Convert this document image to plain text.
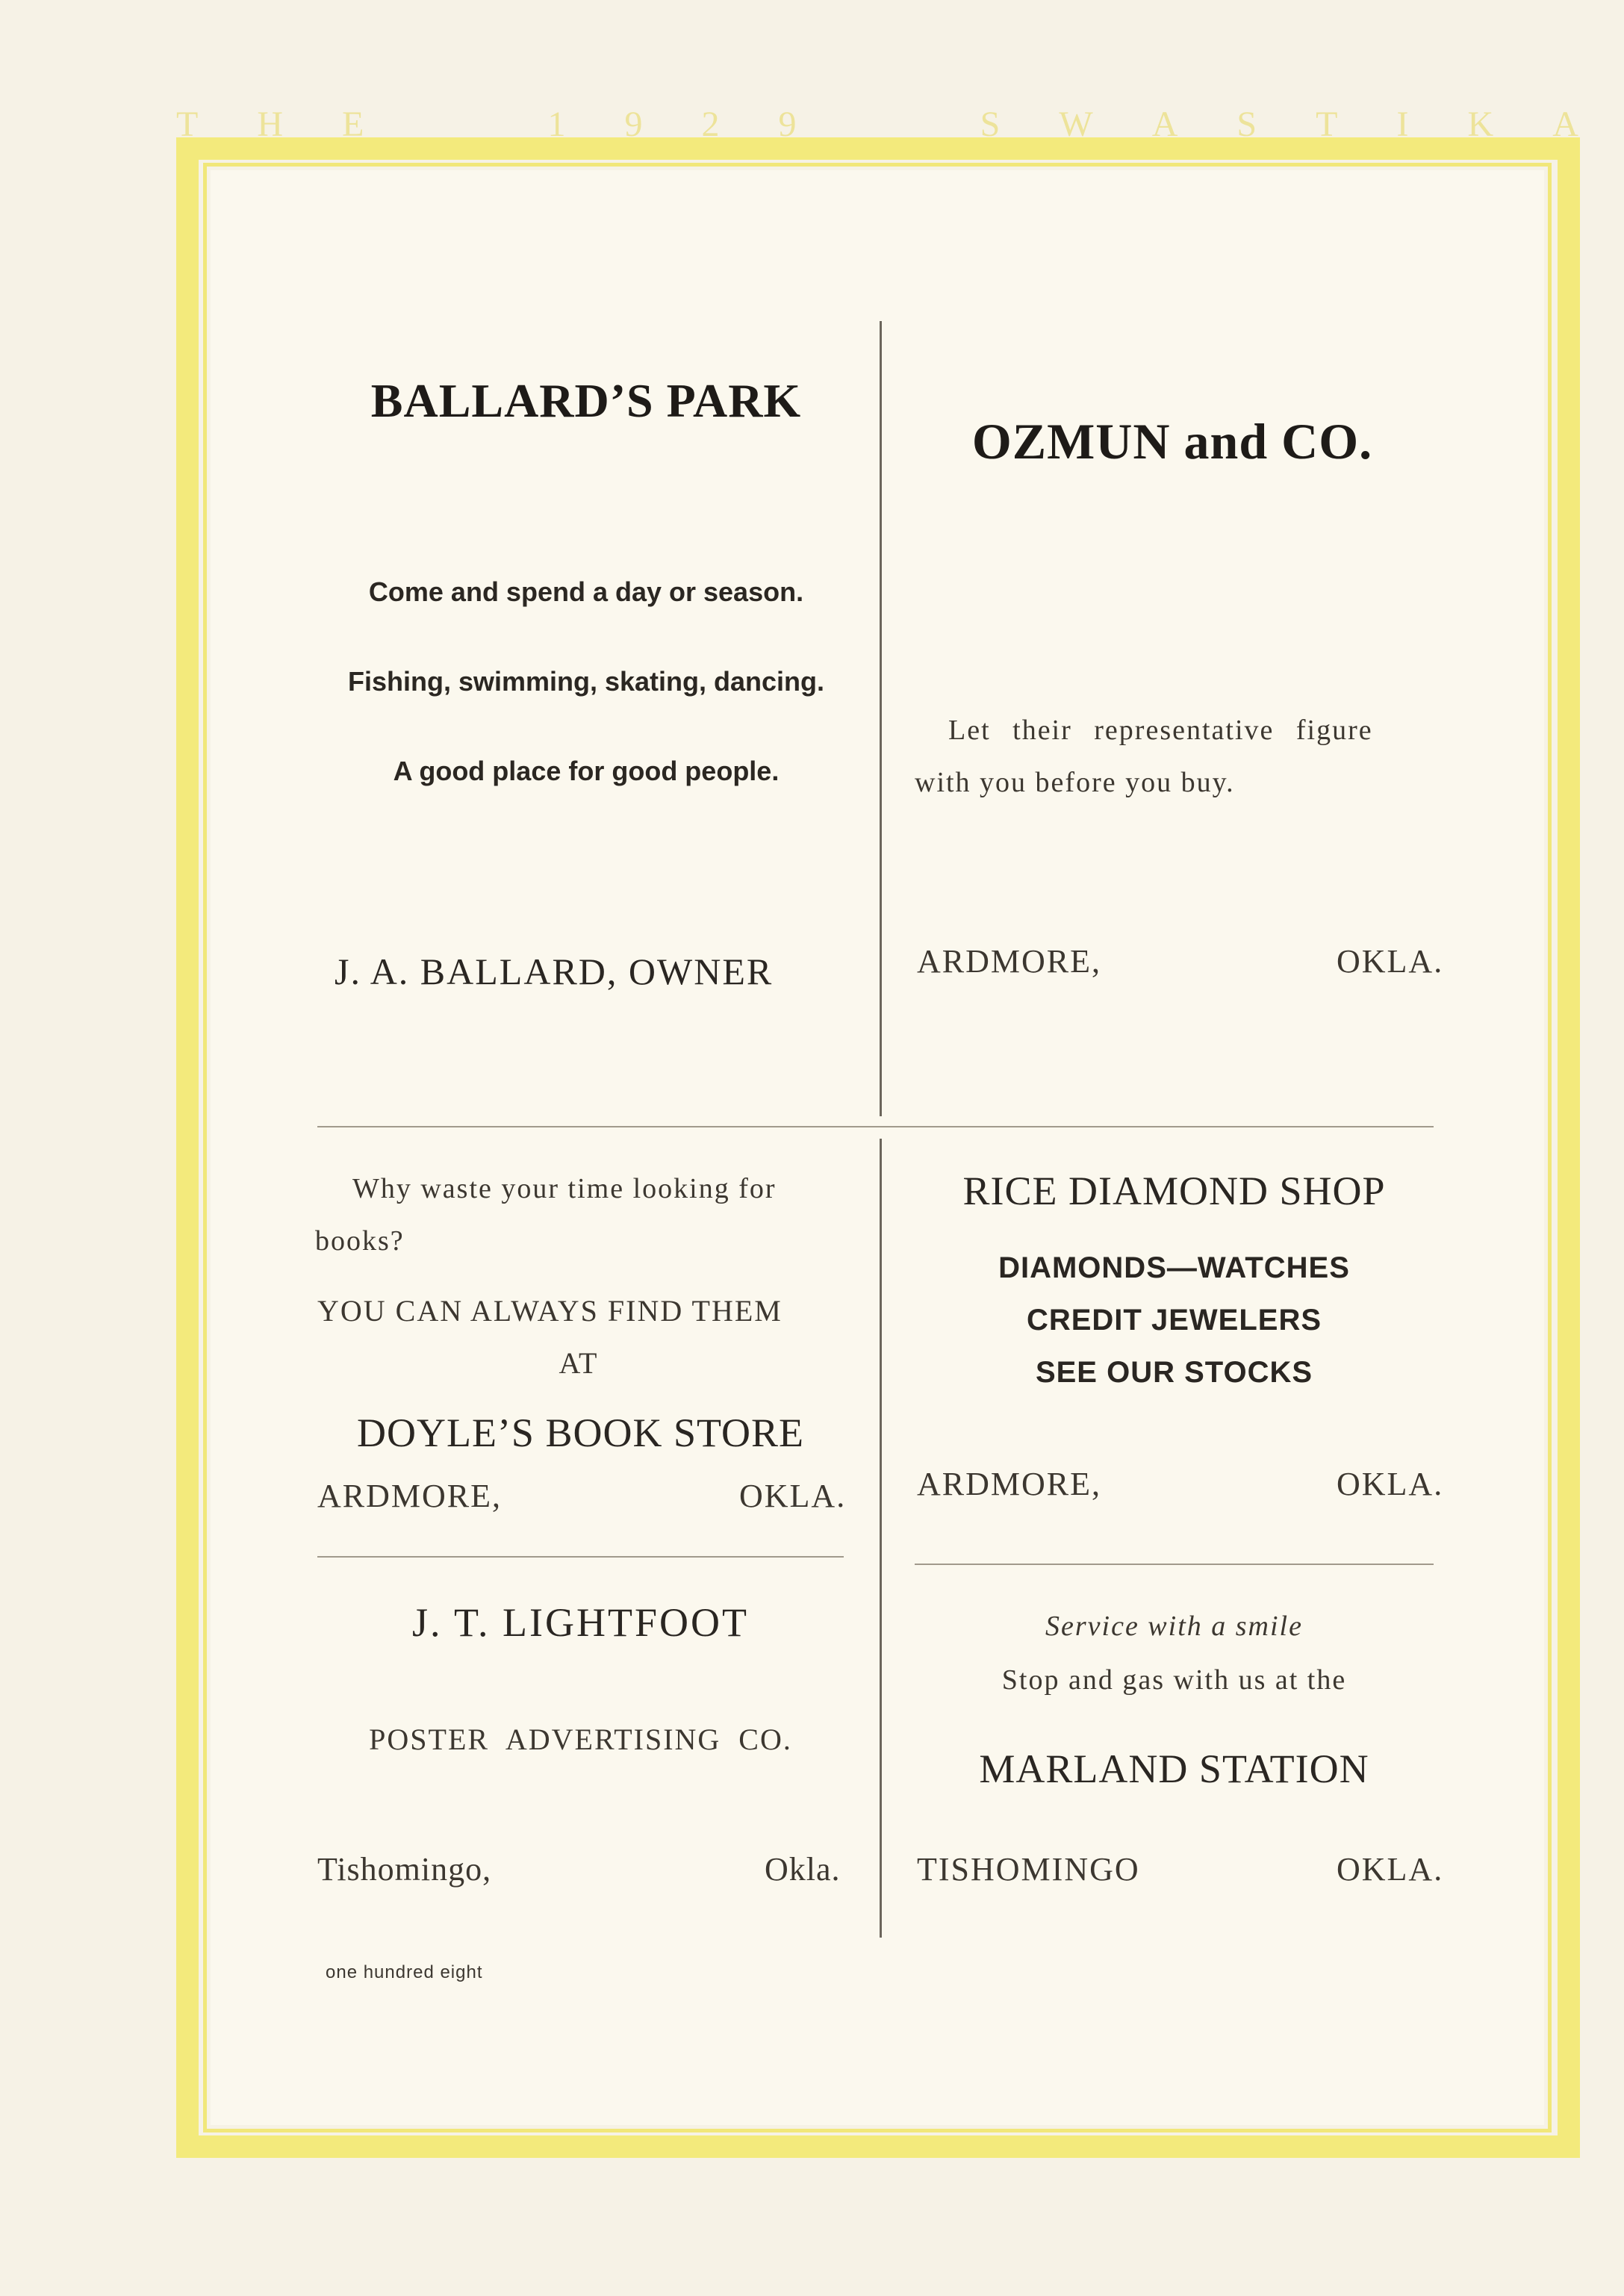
T H E	1 9 2 9	S W A S T I K A
BALLARD’S PARK
Come and spend a day or season.
Fishing, swimming, skating, dancing.
A good place for good people.
J. A. BALLARD, OWNER
OZMUN and CO.
Let their representative figure
with you before you buy.
ARDMORE,	OKLA.
Why waste your time looking for
books?
YOU CAN ALWAYS FIND THEM
AT
DOYLE’S BOOK STORE
ARDMORE,	OKLA.
RICE DIAMOND SHOP
DIAMONDS—WATCHES
CREDIT JEWELERS
SEE OUR STOCKS
ARDMORE,	OKLA.
J. T. LIGHTFOOT
POSTER ADVERTISING CO.
Tishomingo,	Okla.
Service with a smile
Stop and gas with us at the
MARLAND STATION
TISHOMINGO	OKLA.
one hundred eight
